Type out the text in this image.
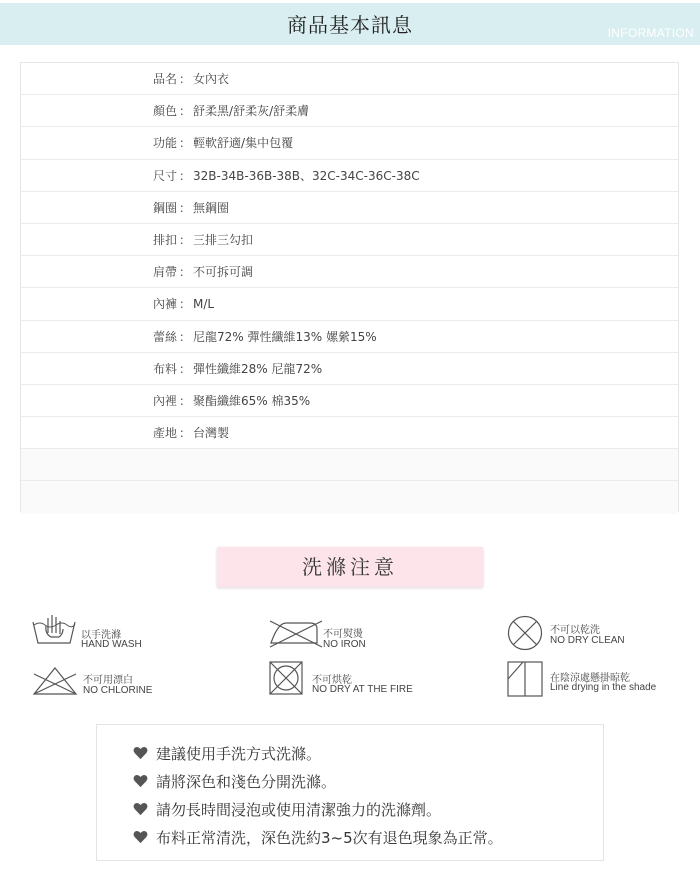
商品基本訊息	INFORMATION
品名 ： 女內衣
顏色 ： 舒柔黑/舒柔灰/舒柔膚
功能 ： 輕軟舒適/集中包覆
尺寸 ： 32B-34B-36B-38B、32C-34C-36C-38C
鋼圈 ： 無鋼圈
排扣 ： 三排三勾扣
肩帶 ： 不可拆可調
內褲 ： M/L
蕾絲 ： 尼龍72% 彈性纖維13% 嫘縈15%
布料 ： 彈性纖維28% 尼龍72%
內裡 ： 聚酯纖維65% 棉35%
產地 ： 台灣製
洗滌注意
以手洗滌
HAND WASH
不可熨燙
NO IRON
不可以乾洗
NO DRY CLEAN
不可用漂白
NO CHLORINE
不可烘乾
NO DRY AT THE FIRE
在陰涼處懸掛晾乾
Line drying in the shade
建議使用手洗方式洗滌。
請將深色和淺色分開洗滌。
請勿長時間浸泡或使用清潔強力的洗滌劑。
布料正常清洗，深色洗約3~5次有退色現象為正常。
